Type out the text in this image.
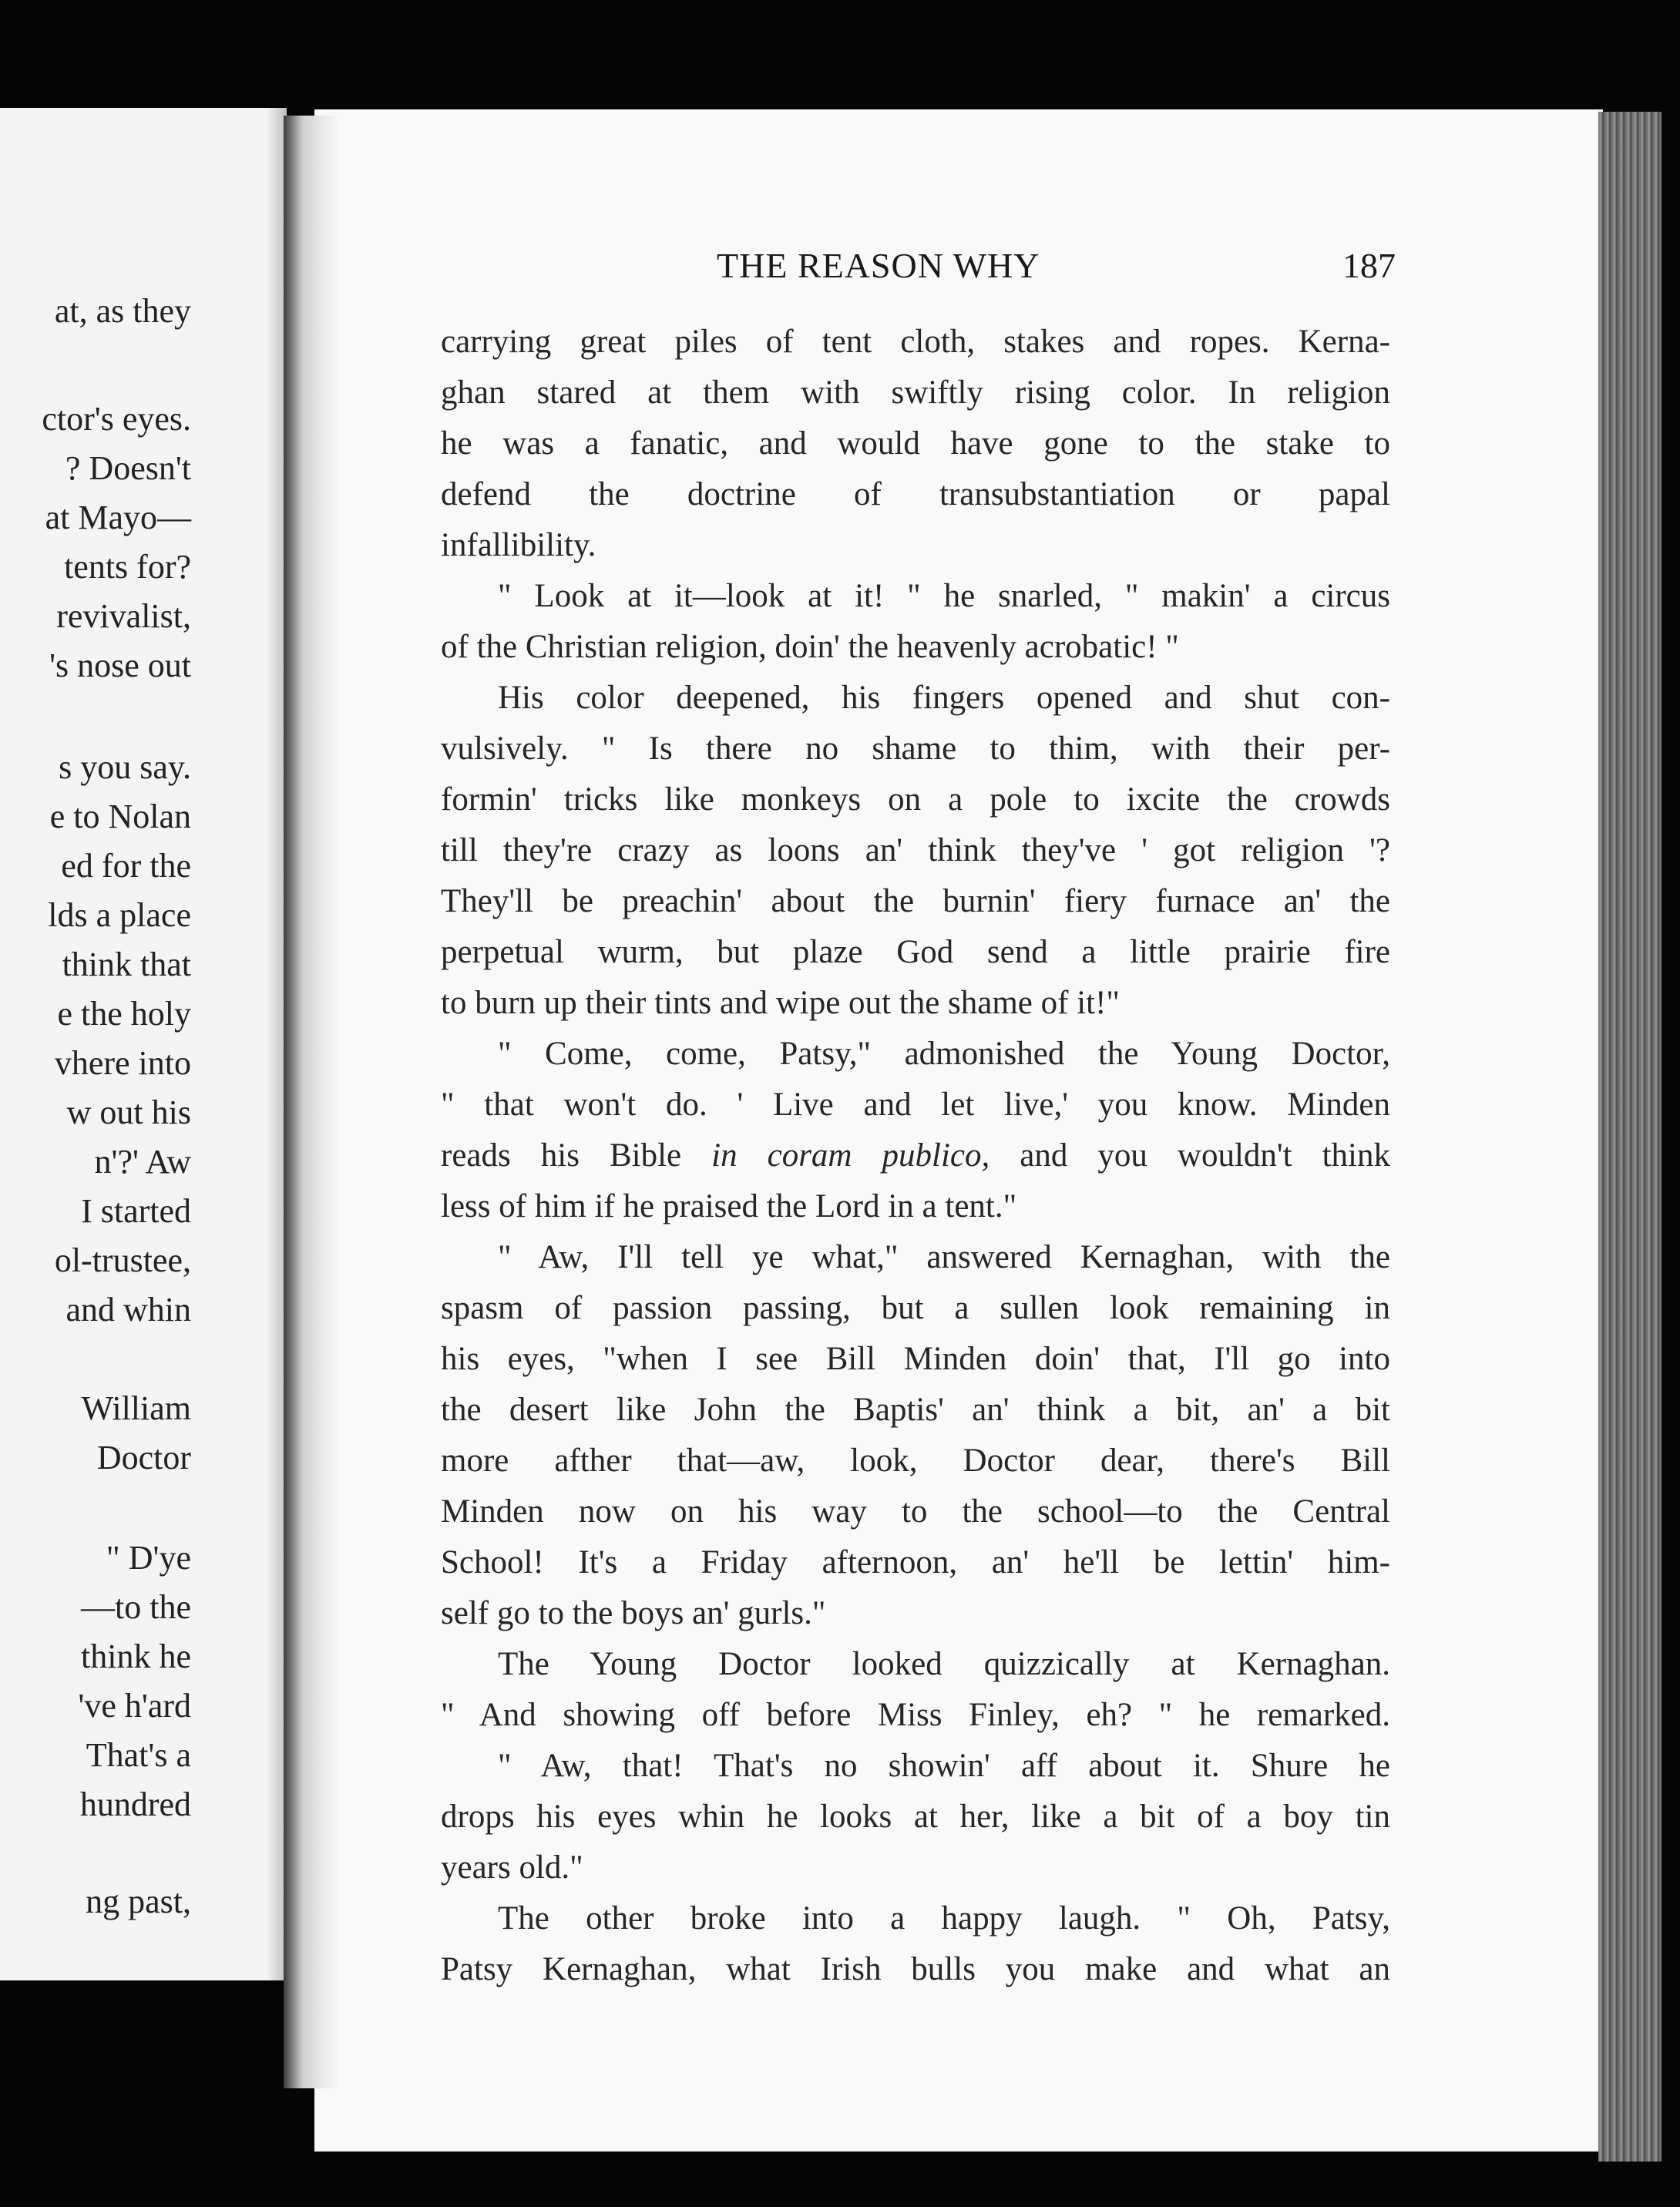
at, as they
ctor's eyes.
? Doesn't
at Mayo—
tents for?
revivalist,
's nose out
s you say.
e to Nolan
ed for the
lds a place
think that
e the holy
vhere into
w out his
n'?' Aw
I started
ol-trustee,
and whin
William
Doctor
" D'ye
—to the
think he
've h'ard
That's a
hundred
ng past,
THE REASON WHY	187
carrying great piles of tent cloth, stakes and ropes. Kerna-
ghan stared at them with swiftly rising color. In religion
he was a fanatic, and would have gone to the stake to
defend the doctrine of transubstantiation or papal
infallibility.
" Look at it—look at it! " he snarled, " makin' a circus
of the Christian religion, doin' the heavenly acrobatic! "
His color deepened, his fingers opened and shut con-
vulsively. " Is there no shame to thim, with their per-
formin' tricks like monkeys on a pole to ixcite the crowds
till they're crazy as loons an' think they've ' got religion '?
They'll be preachin' about the burnin' fiery furnace an' the
perpetual wurm, but plaze God send a little prairie fire
to burn up their tints and wipe out the shame of it!"
" Come, come, Patsy," admonished the Young Doctor,
" that won't do. ' Live and let live,' you know. Minden
reads his Bible in coram publico, and you wouldn't think
less of him if he praised the Lord in a tent."
" Aw, I'll tell ye what," answered Kernaghan, with the
spasm of passion passing, but a sullen look remaining in
his eyes, "when I see Bill Minden doin' that, I'll go into
the desert like John the Baptis' an' think a bit, an' a bit
more afther that—aw, look, Doctor dear, there's Bill
Minden now on his way to the school—to the Central
School! It's a Friday afternoon, an' he'll be lettin' him-
self go to the boys an' gurls."
The Young Doctor looked quizzically at Kernaghan.
" And showing off before Miss Finley, eh? " he remarked.
" Aw, that! That's no showin' aff about it. Shure he
drops his eyes whin he looks at her, like a bit of a boy tin
years old."
The other broke into a happy laugh. " Oh, Patsy,
Patsy Kernaghan, what Irish bulls you make and what an
